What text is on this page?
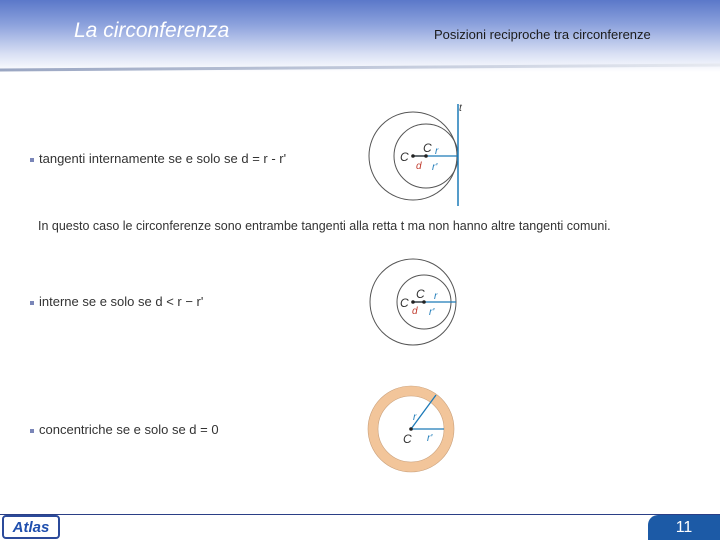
La circonferenza	Posizioni reciproche tra circonferenze
tangenti internamente se e solo se d = r - r'
t
C
C r
d r'
In questo caso le circonferenze sono entrambe tangenti alla retta t ma non hanno altre tangenti comuni.
interne se e solo se d < r − r'	C
C r
d r'
concentriche se e solo se d = 0
r
C r'
Atlas	11
